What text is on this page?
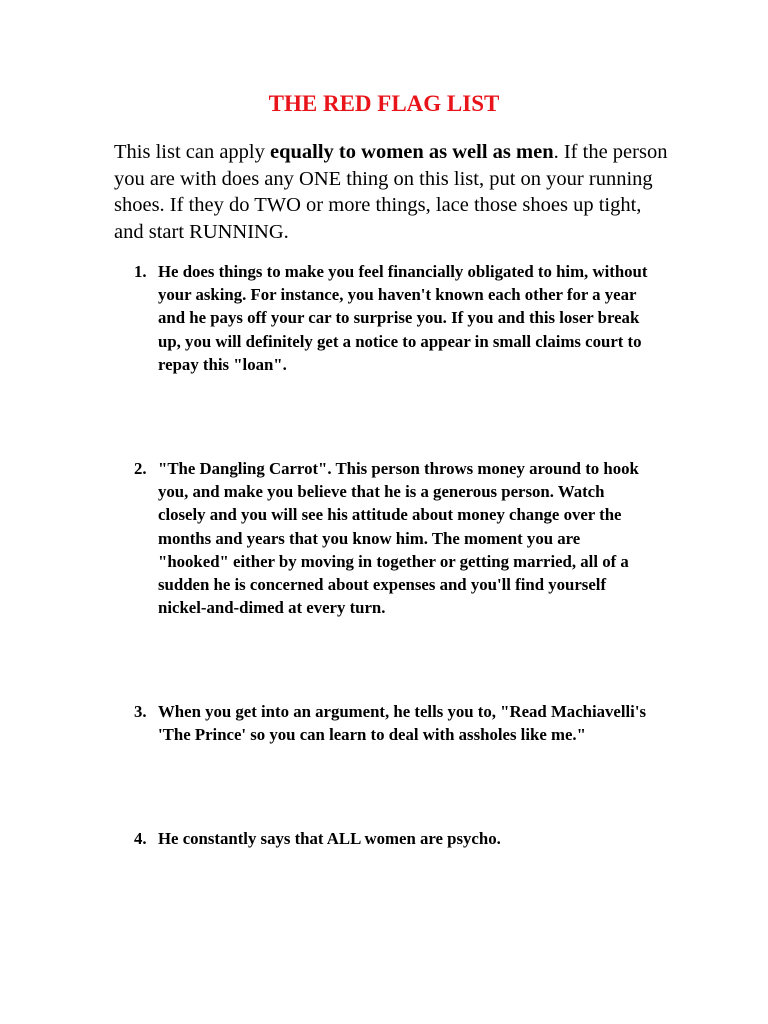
THE RED FLAG LIST

This list can apply equally to women as well as men. If the person you are with does any ONE thing on this list, put on your running shoes. If they do TWO or more things, lace those shoes up tight, and start RUNNING.

1. He does things to make you feel financially obligated to him, without your asking. For instance, you haven't known each other for a year and he pays off your car to surprise you. If you and this loser break up, you will definitely get a notice to appear in small claims court to repay this "loan".
2. "The Dangling Carrot". This person throws money around to hook you, and make you believe that he is a generous person. Watch closely and you will see his attitude about money change over the months and years that you know him. The moment you are "hooked" either by moving in together or getting married, all of a sudden he is concerned about expenses and you'll find yourself nickel-and-dimed at every turn.
3. When you get into an argument, he tells you to, "Read Machiavelli's 'The Prince' so you can learn to deal with assholes like me."
4. He constantly says that ALL women are psycho.
